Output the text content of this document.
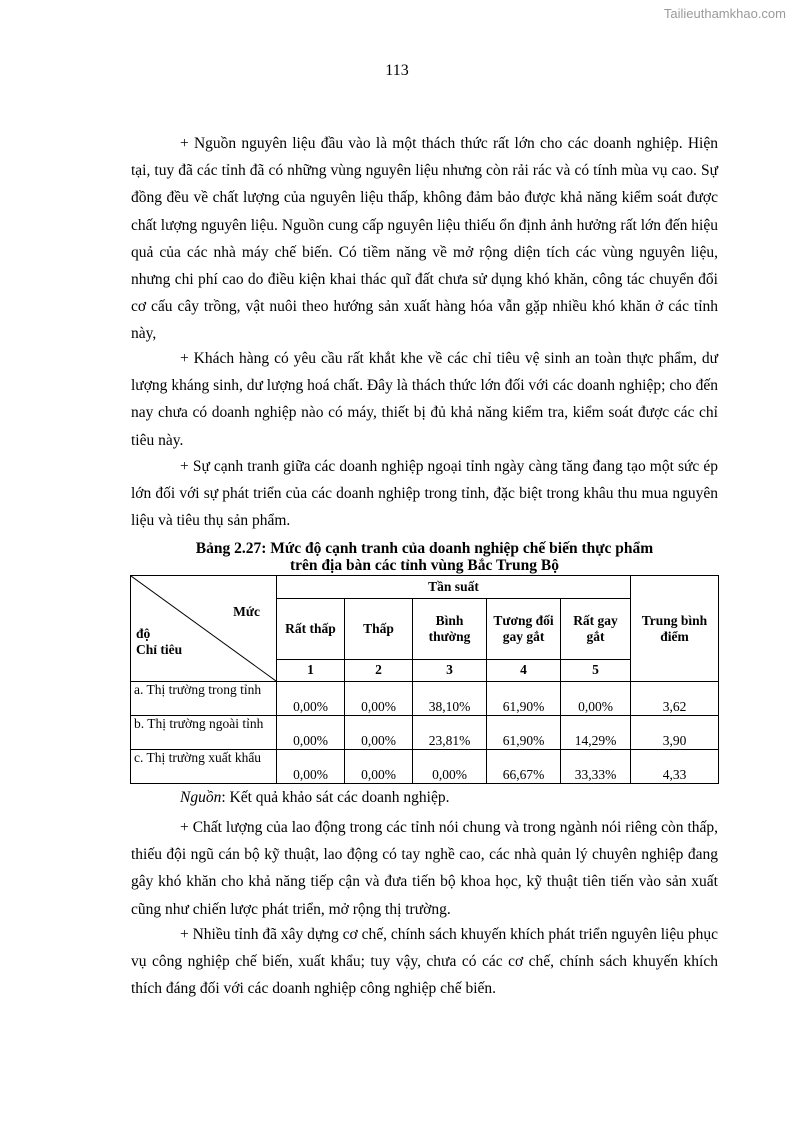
Tailieuthamkhao.com
113

+ Nguồn nguyên liệu đầu vào là một thách thức rất lớn cho các doanh nghiệp. Hiện tại, tuy đã các tỉnh đã có những vùng nguyên liệu nhưng còn rải rác và có tính mùa vụ cao. Sự đồng đều về chất lượng của nguyên liệu thấp, không đảm bảo được khả năng kiểm soát được chất lượng nguyên liệu. Nguồn cung cấp nguyên liệu thiếu ổn định ảnh hưởng rất lớn đến hiệu quả của các nhà máy chế biến. Có tiềm năng về mở rộng diện tích các vùng nguyên liệu, nhưng chi phí cao do điều kiện khai thác quĩ đất chưa sử dụng khó khăn, công tác chuyển đổi cơ cấu cây trồng, vật nuôi theo hướng sản xuất hàng hóa vẫn gặp nhiều khó khăn ở các tỉnh này,

+ Khách hàng có yêu cầu rất khắt khe về các chỉ tiêu vệ sinh an toàn thực phẩm, dư lượng kháng sinh, dư lượng hoá chất. Đây là thách thức lớn đối với các doanh nghiệp; cho đến nay chưa có doanh nghiệp nào có máy, thiết bị đủ khả năng kiểm tra, kiểm soát được các chỉ tiêu này.

+ Sự cạnh tranh giữa các doanh nghiệp ngoại tỉnh ngày càng tăng đang tạo một sức ép lớn đối với sự phát triển của các doanh nghiệp trong tỉnh, đặc biệt trong khâu thu mua nguyên liệu và tiêu thụ sản phẩm.

Bảng 2.27: Mức độ cạnh tranh của doanh nghiệp chế biến thực phẩm
trên địa bàn các tỉnh vùng Bắc Trung Bộ
Mức
độ
Chỉ tiêu	Tần suất					Trung bình điểm
	Rất thấp	Thấp	Bình thường	Tương đối gay gắt	Rất gay gắt	
	1	2	3	4	5	
a. Thị trường trong tỉnh	0,00%	0,00%	38,10%	61,90%	0,00%	3,62
b. Thị trường ngoài tỉnh	0,00%	0,00%	23,81%	61,90%	14,29%	3,90
c. Thị trường xuất khẩu	0,00%	0,00%	0,00%	66,67%	33,33%	4,33
Nguồn: Kết quả khảo sát các doanh nghiệp.

+ Chất lượng của lao động trong các tỉnh nói chung và trong ngành nói riêng còn thấp, thiếu đội ngũ cán bộ kỹ thuật, lao động có tay nghề cao, các nhà quản lý chuyên nghiệp đang gây khó khăn cho khả năng tiếp cận và đưa tiến bộ khoa học, kỹ thuật tiên tiến vào sản xuất cũng như chiến lược phát triển, mở rộng thị trường.

+ Nhiều tỉnh đã xây dựng cơ chế, chính sách khuyến khích phát triển nguyên liệu phục vụ công nghiệp chế biến, xuất khẩu; tuy vậy, chưa có các cơ chế, chính sách khuyến khích thích đáng đối với các doanh nghiệp công nghiệp chế biến.
